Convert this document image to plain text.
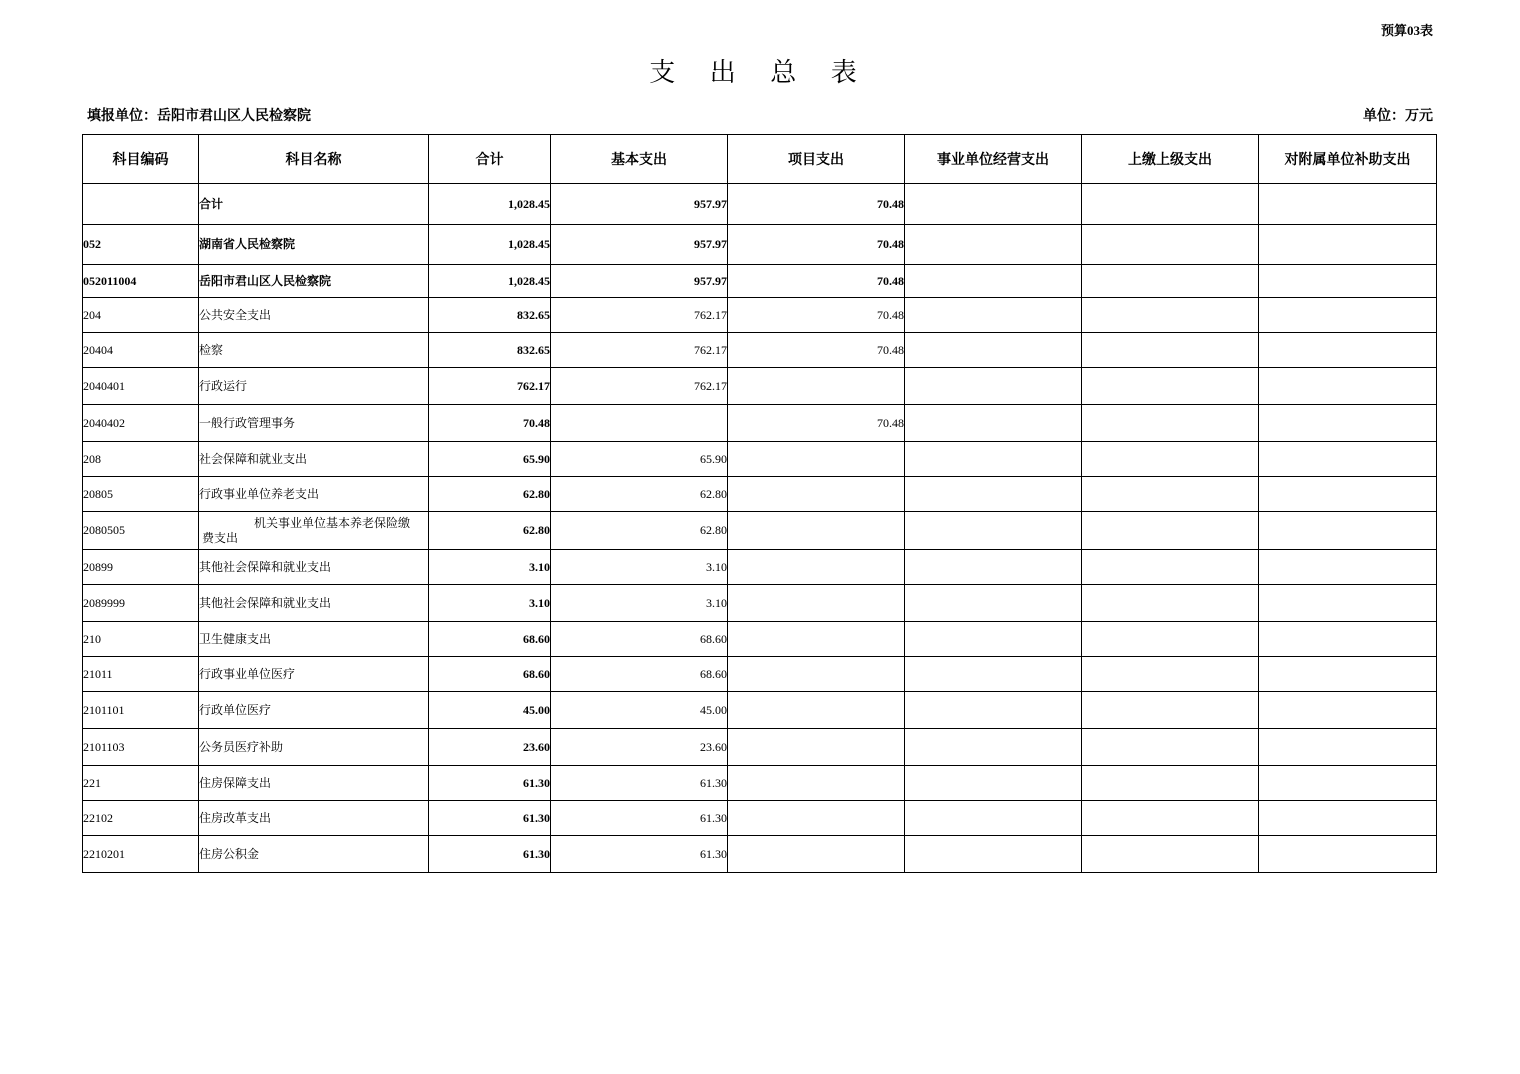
预算03表
支 出 总 表
填报单位：岳阳市君山区人民检察院	单位：万元
科目编码	科目名称	合计	基本支出	项目支出	事业单位经营支出	上缴上级支出	对附属单位补助支出
	合计	1,028.45	957.97	70.48			
052	湖南省人民检察院	1,028.45	957.97	70.48			
052011004	岳阳市君山区人民检察院	1,028.45	957.97	70.48			
204	公共安全支出	832.65	762.17	70.48			
20404	检察	832.65	762.17	70.48			
2040401	行政运行	762.17	762.17				
2040402	一般行政管理事务	70.48		70.48			
208	社会保障和就业支出	65.90	65.90				
20805	行政事业单位养老支出	62.80	62.80				
2080505	机关事业单位基本养老保险缴费支出	62.80	62.80				
20899	其他社会保障和就业支出	3.10	3.10				
2089999	其他社会保障和就业支出	3.10	3.10				
210	卫生健康支出	68.60	68.60				
21011	行政事业单位医疗	68.60	68.60				
2101101	行政单位医疗	45.00	45.00				
2101103	公务员医疗补助	23.60	23.60				
221	住房保障支出	61.30	61.30				
22102	住房改革支出	61.30	61.30				
2210201	住房公积金	61.30	61.30				
